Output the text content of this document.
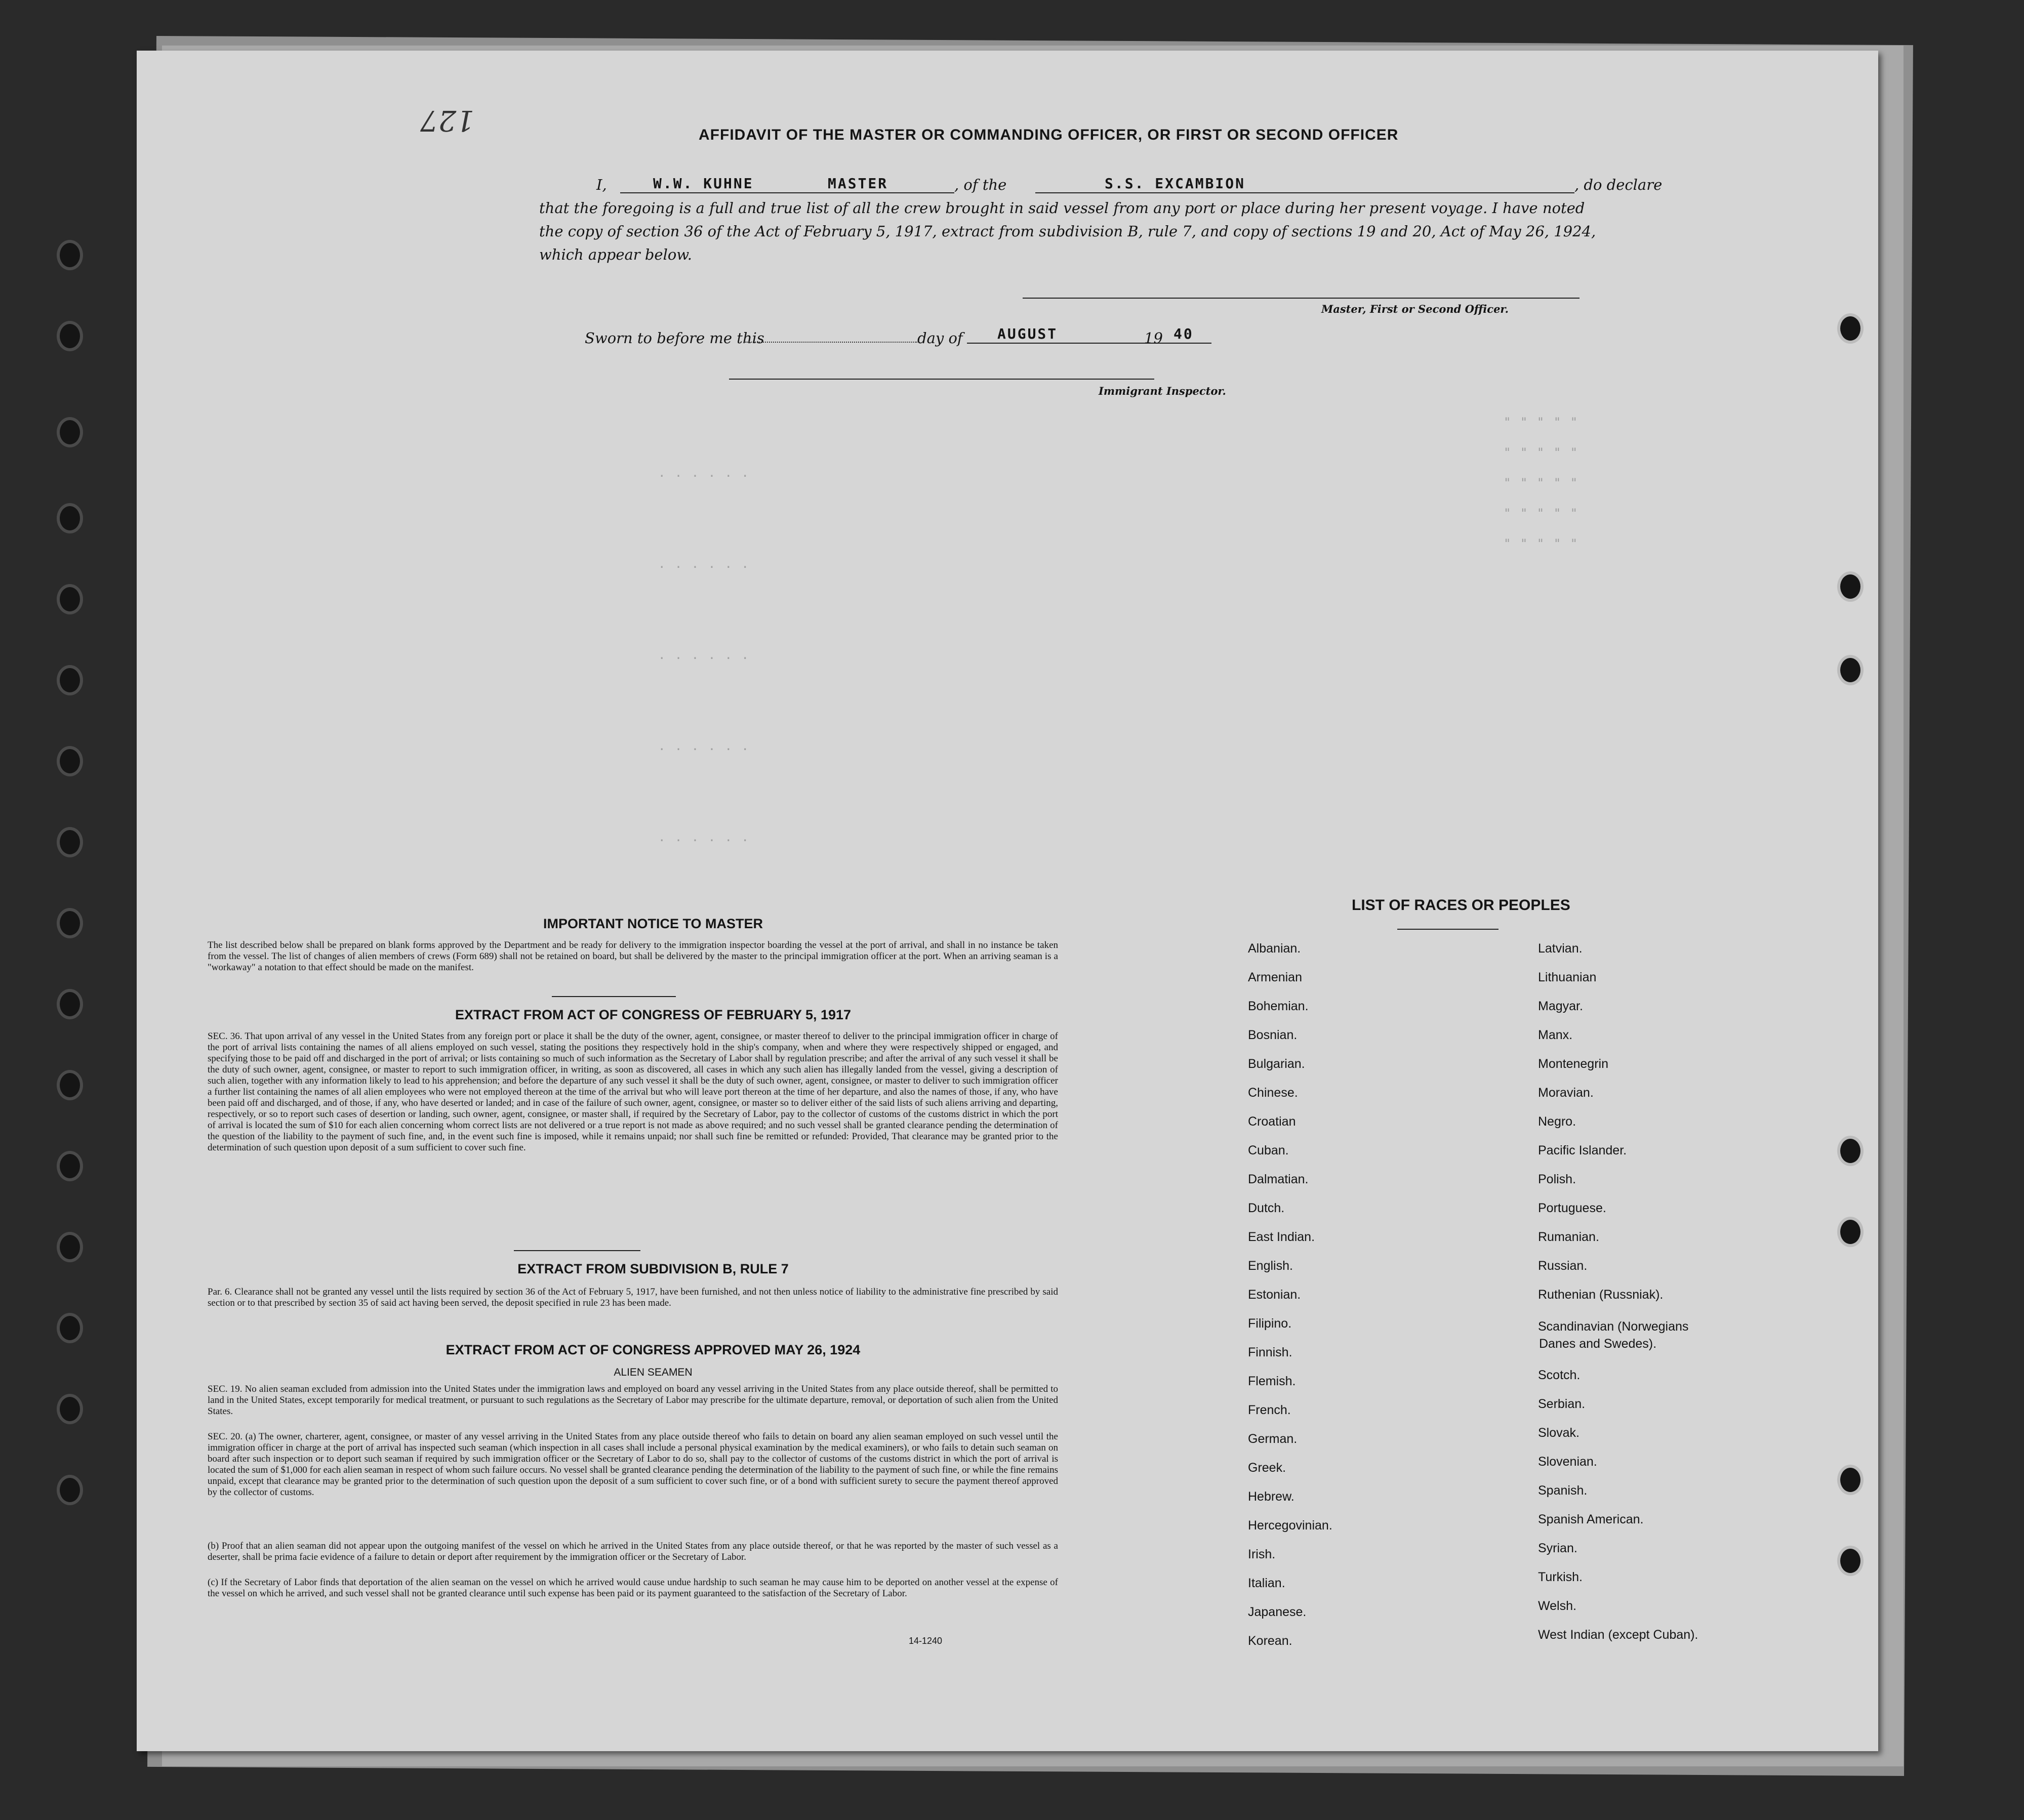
127	AFFIDAVIT OF THE MASTER OR COMMANDING OFFICER, OR FIRST OR SECOND OFFICER
I,	W.W. KUHNE	MASTER	, of the	S.S. EXCAMBION	, do declare
that the foregoing is a full and true list of all the crew brought in said vessel from any port or place during her present voyage. I have noted
the copy of section 36 of the Act of February 5, 1917, extract from subdivision B, rule 7, and copy of sections 19 and 20, Act of May 26, 1924,
which appear below.
Master, First or Second Officer.
Sworn to before me this	day of AUGUST	19 40
Immigrant Inspector.
" " " " "
" " " " "
" " " " "
" " " " "
" " " " "
. . . . . .
. . . . . .
. . . . . .
. . . . . .
. . . . . .
IMPORTANT NOTICE TO MASTER
The list described below shall be prepared on blank forms approved by the Department and be ready for delivery to the immigration inspector boarding the vessel at the port of arrival, and shall in no instance be taken from the vessel. The list of changes of alien members of crews (Form 689) shall not be retained on board, but shall be delivered by the master to the principal immigration officer at the port. When an arriving seaman is a "workaway" a notation to that effect should be made on the manifest.
EXTRACT FROM ACT OF CONGRESS OF FEBRUARY 5, 1917
SEC. 36. That upon arrival of any vessel in the United States from any foreign port or place it shall be the duty of the owner, agent, consignee, or master thereof to deliver to the principal immigration officer in charge of the port of arrival lists containing the names of all aliens employed on such vessel, stating the positions they respectively hold in the ship's company, when and where they were respectively shipped or engaged, and specifying those to be paid off and discharged in the port of arrival; or lists containing so much of such information as the Secretary of Labor shall by regulation prescribe; and after the arrival of any such vessel it shall be the duty of such owner, agent, consignee, or master to report to such immigration officer, in writing, as soon as discovered, all cases in which any such alien has illegally landed from the vessel, giving a description of such alien, together with any information likely to lead to his apprehension; and before the departure of any such vessel it shall be the duty of such owner, agent, consignee, or master to deliver to such immigration officer a further list containing the names of all alien employees who were not employed thereon at the time of the arrival but who will leave port thereon at the time of her departure, and also the names of those, if any, who have been paid off and discharged, and of those, if any, who have deserted or landed; and in case of the failure of such owner, agent, consignee, or master so to deliver either of the said lists of such aliens arriving and departing, respectively, or so to report such cases of desertion or landing, such owner, agent, consignee, or master shall, if required by the Secretary of Labor, pay to the collector of customs of the customs district in which the port of arrival is located the sum of $10 for each alien concerning whom correct lists are not delivered or a true report is not made as above required; and no such vessel shall be granted clearance pending the determination of the question of the liability to the payment of such fine, and, in the event such fine is imposed, while it remains unpaid; nor shall such fine be remitted or refunded: Provided, That clearance may be granted prior to the determination of such question upon deposit of a sum sufficient to cover such fine.
EXTRACT FROM SUBDIVISION B, RULE 7
Par. 6. Clearance shall not be granted any vessel until the lists required by section 36 of the Act of February 5, 1917, have been furnished, and not then unless notice of liability to the administrative fine prescribed by said section or to that prescribed by section 35 of said act having been served, the deposit specified in rule 23 has been made.
EXTRACT FROM ACT OF CONGRESS APPROVED MAY 26, 1924
ALIEN SEAMEN
SEC. 19. No alien seaman excluded from admission into the United States under the immigration laws and employed on board any vessel arriving in the United States from any place outside thereof, shall be permitted to land in the United States, except temporarily for medical treatment, or pursuant to such regulations as the Secretary of Labor may prescribe for the ultimate departure, removal, or deportation of such alien from the United States.
SEC. 20. (a) The owner, charterer, agent, consignee, or master of any vessel arriving in the United States from any place outside thereof who fails to detain on board any alien seaman employed on such vessel until the immigration officer in charge at the port of arrival has inspected such seaman (which inspection in all cases shall include a personal physical examination by the medical examiners), or who fails to detain such seaman on board after such inspection or to deport such seaman if required by such immigration officer or the Secretary of Labor to do so, shall pay to the collector of customs of the customs district in which the port of arrival is located the sum of $1,000 for each alien seaman in respect of whom such failure occurs. No vessel shall be granted clearance pending the determination of the liability to the payment of such fine, or while the fine remains unpaid, except that clearance may be granted prior to the determination of such question upon the deposit of a sum sufficient to cover such fine, or of a bond with sufficient surety to secure the payment thereof approved by the collector of customs.
(b) Proof that an alien seaman did not appear upon the outgoing manifest of the vessel on which he arrived in the United States from any place outside thereof, or that he was reported by the master of such vessel as a deserter, shall be prima facie evidence of a failure to detain or deport after requirement by the immigration officer or the Secretary of Labor.
(c) If the Secretary of Labor finds that deportation of the alien seaman on the vessel on which he arrived would cause undue hardship to such seaman he may cause him to be deported on another vessel at the expense of the vessel on which he arrived, and such vessel shall not be granted clearance until such expense has been paid or its payment guaranteed to the satisfaction of the Secretary of Labor.
14-1240
LIST OF RACES OR PEOPLES
Albanian.
Armenian
Bohemian.
Bosnian.
Bulgarian.
Chinese.
Croatian
Cuban.
Dalmatian.
Dutch.
East Indian.
English.
Estonian.
Filipino.
Finnish.
Flemish.
French.
German.
Greek.
Hebrew.
Hercegovinian.
Irish.
Italian.
Japanese.
Korean.
Latvian.
Lithuanian
Magyar.
Manx.
Montenegrin
Moravian.
Negro.
Pacific Islander.
Polish.
Portuguese.
Rumanian.
Russian.
Ruthenian (Russniak).
Scandinavian (Norwegians
Danes and Swedes).
Scotch.
Serbian.
Slovak.
Slovenian.
Spanish.
Spanish American.
Syrian.
Turkish.
Welsh.
West Indian (except Cuban).
